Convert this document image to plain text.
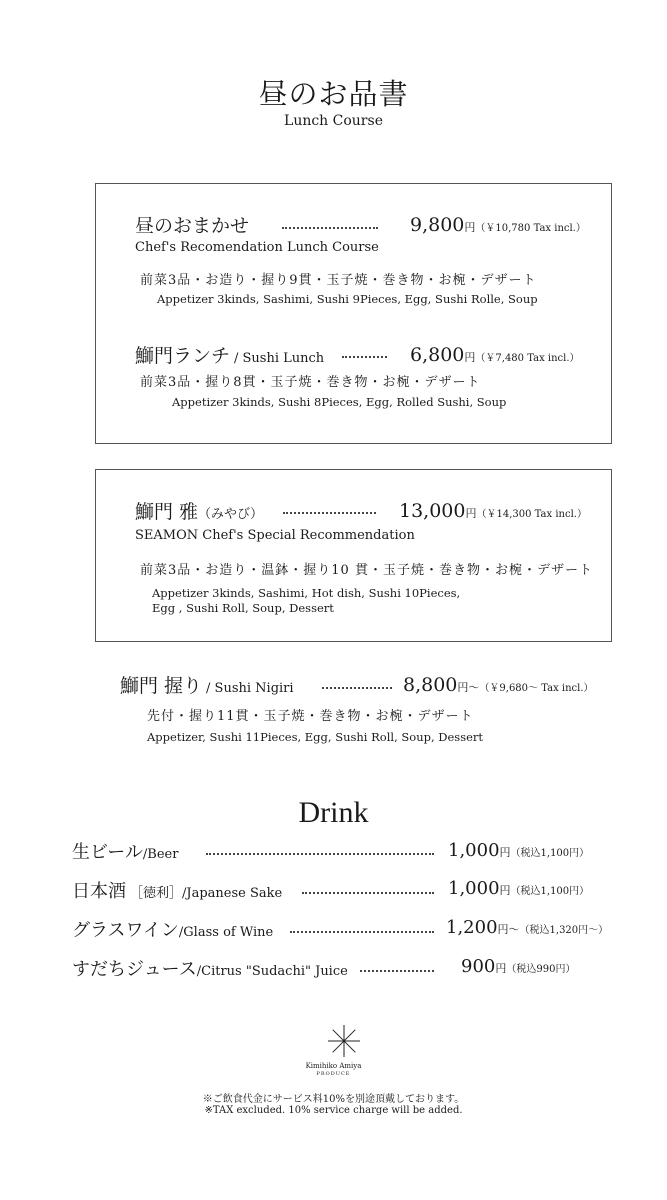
昼のお品書
Lunch Course
昼のおまかせ	9,800円（￥10,780 Tax incl.）
Chef's Recomendation Lunch Course
前菜3品・お造り・握り9貫・玉子焼・巻き物・お椀・デザート
Appetizer 3kinds, Sashimi, Sushi 9Pieces, Egg, Sushi Rolle, Soup
鰤門ランチ / Sushi Lunch	6,800円（￥7,480 Tax incl.）
前菜3品・握り8貫・玉子焼・巻き物・お椀・デザート
Appetizer 3kinds, Sushi 8Pieces, Egg, Rolled Sushi, Soup
鰤門 雅（みやび）	13,000円（￥14,300 Tax incl.）
SEAMON Chef's Special Recommendation
前菜3品・お造り・温鉢・握り10 貫・玉子焼・巻き物・お椀・デザート
Appetizer 3kinds, Sashimi, Hot dish, Sushi 10Pieces,
Egg , Sushi Roll, Soup, Dessert
鰤門 握り / Sushi Nigiri	8,800円～（￥9,680～ Tax incl.）
先付・握り11貫・玉子焼・巻き物・お椀・デザート
Appetizer, Sushi 11Pieces, Egg, Sushi Roll, Soup, Dessert
Drink
生ビール/Beer	1,000円（税込1,100円）
日本酒 ［徳利］/Japanese Sake	1,000円（税込1,100円）
グラスワイン/Glass of Wine	1,200円～（税込1,320円～）
すだちジュース/Citrus "Sudachi" Juice	900円（税込990円）
Kimihiko Amiya
PRODUCE
※ご飲食代金にサービス料10%を別途頂戴しております。
※TAX excluded. 10% service charge will be added.
